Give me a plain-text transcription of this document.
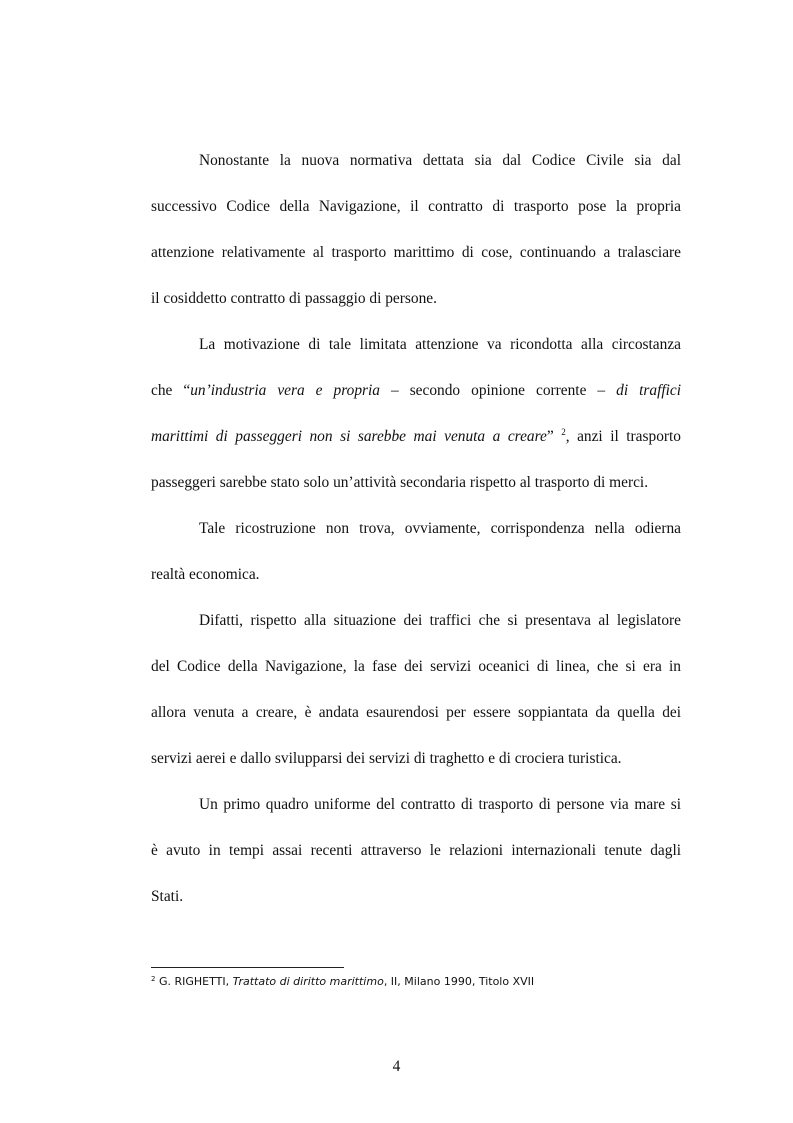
Nonostante la nuova normativa dettata sia dal Codice Civile sia dal
successivo Codice della Navigazione, il contratto di trasporto pose la propria
attenzione relativamente al trasporto marittimo di cose, continuando a tralasciare
il cosiddetto contratto di passaggio di persone.
La motivazione di tale limitata attenzione va ricondotta alla circostanza
che “un’industria vera e propria – secondo opinione corrente – di traffici
marittimi di passeggeri non si sarebbe mai venuta a creare” $^2$, anzi il trasporto
passeggeri sarebbe stato solo un’attività secondaria rispetto al trasporto di merci.
Tale ricostruzione non trova, ovviamente, corrispondenza nella odierna
realtà economica.
Difatti, rispetto alla situazione dei traffici che si presentava al legislatore
del Codice della Navigazione, la fase dei servizi oceanici di linea, che si era in
allora venuta a creare, è andata esaurendosi per essere soppiantata da quella dei
servizi aerei e dallo svilupparsi dei servizi di traghetto e di crociera turistica.
Un primo quadro uniforme del contratto di trasporto di persone via mare si
è avuto in tempi assai recenti attraverso le relazioni internazionali tenute dagli
Stati.
$^2$ G. RIGHETTI, Trattato di diritto marittimo, II, Milano 1990, Titolo XVII
4
